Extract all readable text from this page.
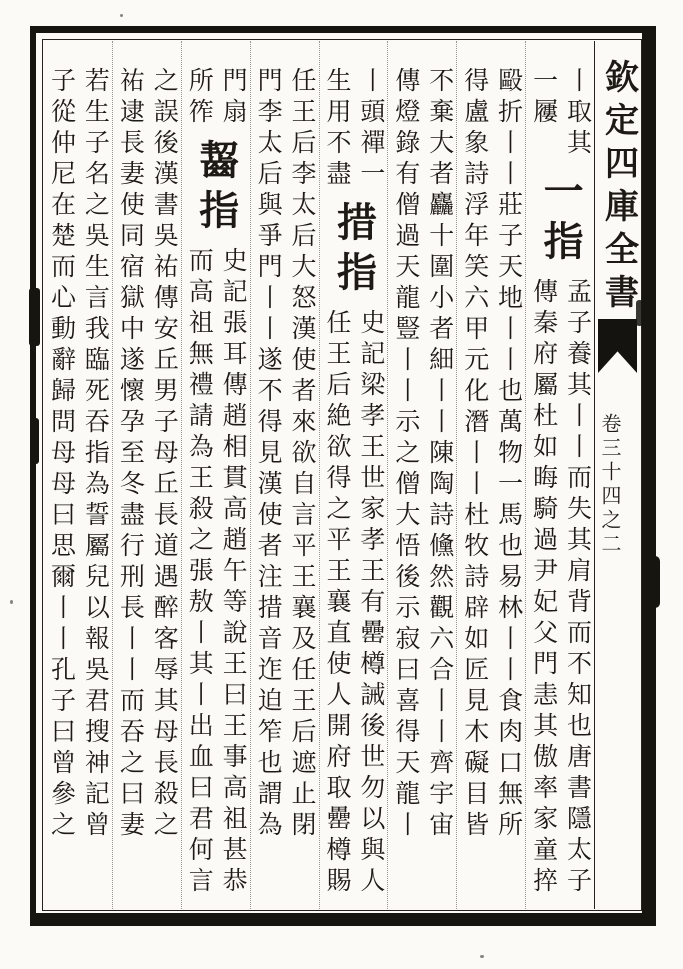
欽定四庫全書
卷三十四之二
丨取其
一屨
一指
孟子養其丨丨而失其肩背而不知也唐書隱太子
傳秦府屬杜如晦騎過尹妃父門恚其傲率家童捽
毆折丨丨莊子天地丨丨也萬物一馬也易林丨丨食肉口無所
得盧象詩浮年笑六甲元化潛丨丨杜牧詩辟如匠見木礙目皆
不棄大者麤十圍小者細丨丨陳陶詩儵然觀六合丨丨齊宇宙
傳燈錄有僧過天龍豎丨丨示之僧大悟後示寂曰喜得天龍丨
丨頭禪一
生用不盡
措指
史記梁孝王世家孝王有罍樽誡後世勿以與人
任王后絶欲得之平王襄直使人開府取罍樽賜
任王后李太后大怒漢使者來欲自言平王襄及任王后遮止閉
門李太后與爭門丨丨遂不得見漢使者注措音迮迫笮也謂為
門扇
所筰
齧指
史記張耳傳趙相貫高趙午等說王曰王事高祖甚恭
而高祖無禮請為王殺之張敖丨其丨出血曰君何言
之誤後漢書吳祐傳安丘男子母丘長道遇醉客辱其母長殺之
祐逮長妻使同宿獄中遂懷孕至冬盡行刑長丨丨而吞之曰妻
若生子名之吳生言我臨死吞指為誓屬兒以報吳君搜神記曾
子從仲尼在楚而心動辭歸問母母曰思爾丨丨孔子曰曾參之
